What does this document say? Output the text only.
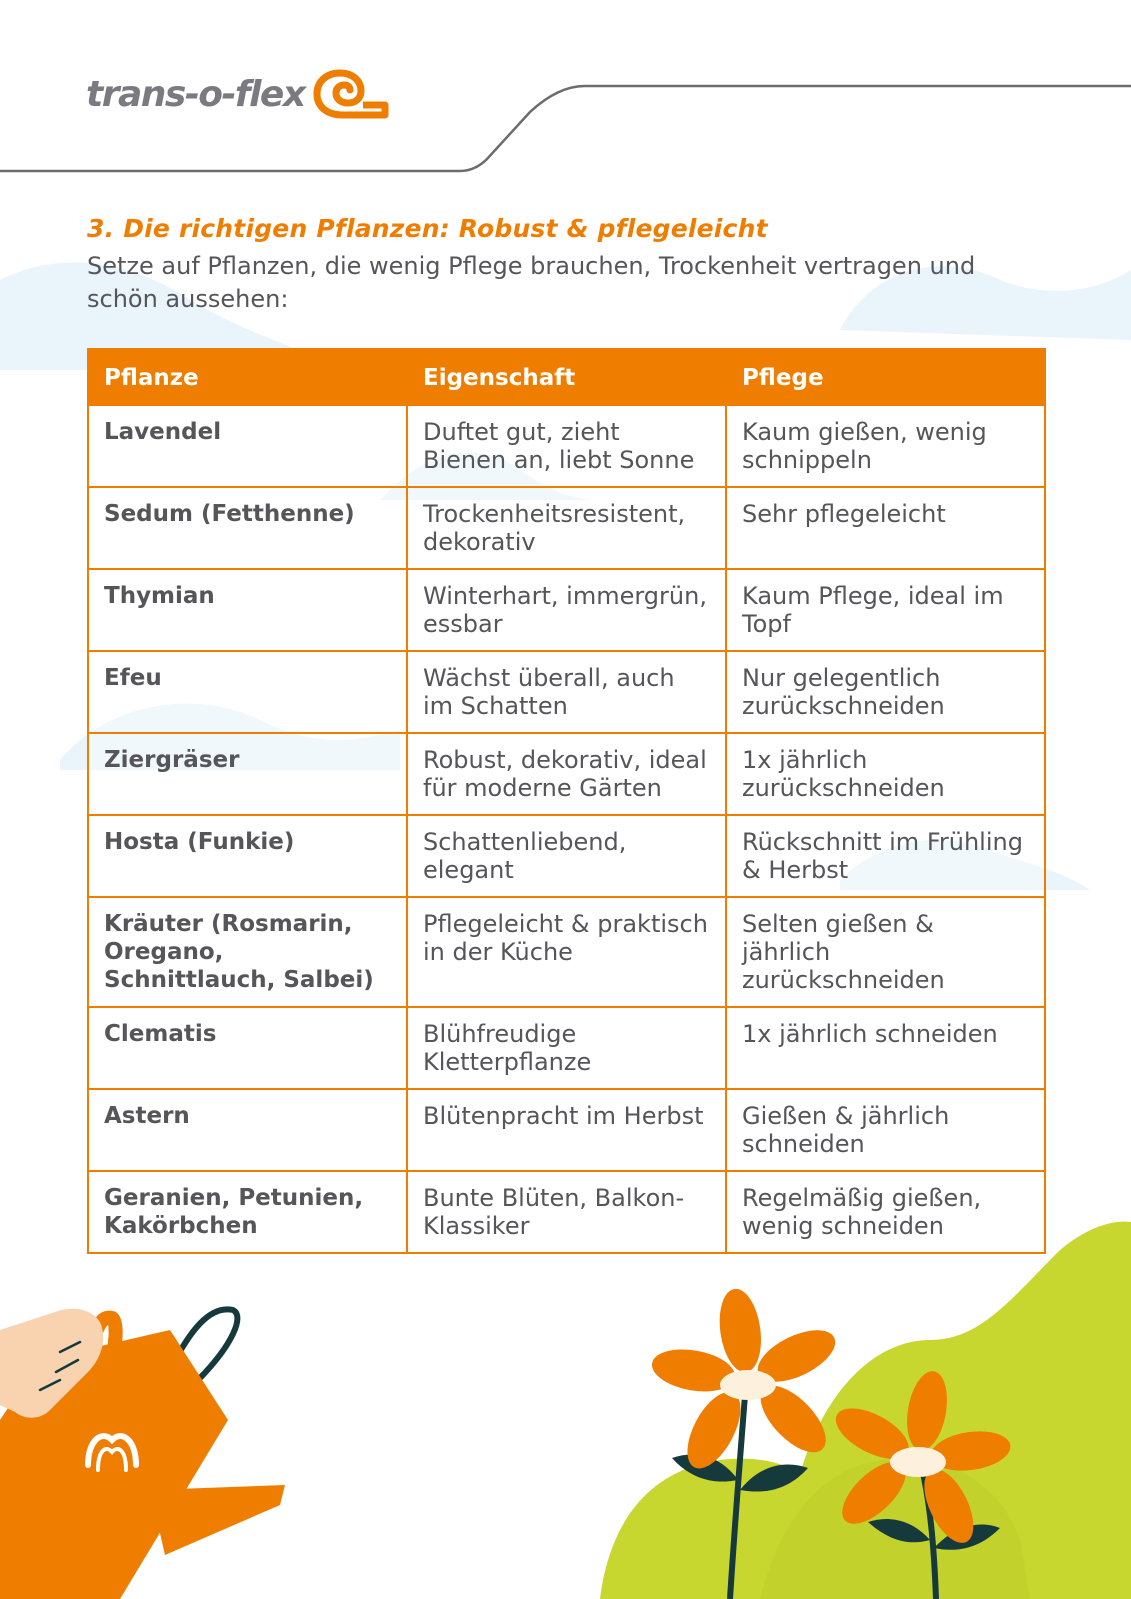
trans-o-flex
3. Die richtigen Pflanzen: Robust & pflegeleicht

Setze auf Pflanzen, die wenig Pflege brauchen, Trockenheit vertragen und schön aussehen:

Pflanze	Eigenschaft	Pflege
Lavendel	Duftet gut, zieht Bienen an, liebt Sonne	Kaum gießen, wenig schnippeln
Sedum (Fetthenne)	Trockenheitsresistent, dekorativ	Sehr pflegeleicht
Thymian	Winterhart, immergrün, essbar	Kaum Pflege, ideal im Topf
Efeu	Wächst überall, auch im Schatten	Nur gelegentlich zurückschneiden
Ziergräser	Robust, dekorativ, ideal für moderne Gärten	1x jährlich zurückschneiden
Hosta (Funkie)	Schattenliebend, elegant	Rückschnitt im Frühling & Herbst
Kräuter (Rosmarin, Oregano, Schnittlauch, Salbei)	Pflegeleicht & praktisch in der Küche	Selten gießen & jährlich zurückschneiden
Clematis	Blühfreudige Kletterpflanze	1x jährlich schneiden
Astern	Blütenpracht im Herbst	Gießen & jährlich schneiden
Geranien, Petunien, Kakörbchen	Bunte Blüten, Balkon-Klassiker	Regelmäßig gießen, wenig schneiden
